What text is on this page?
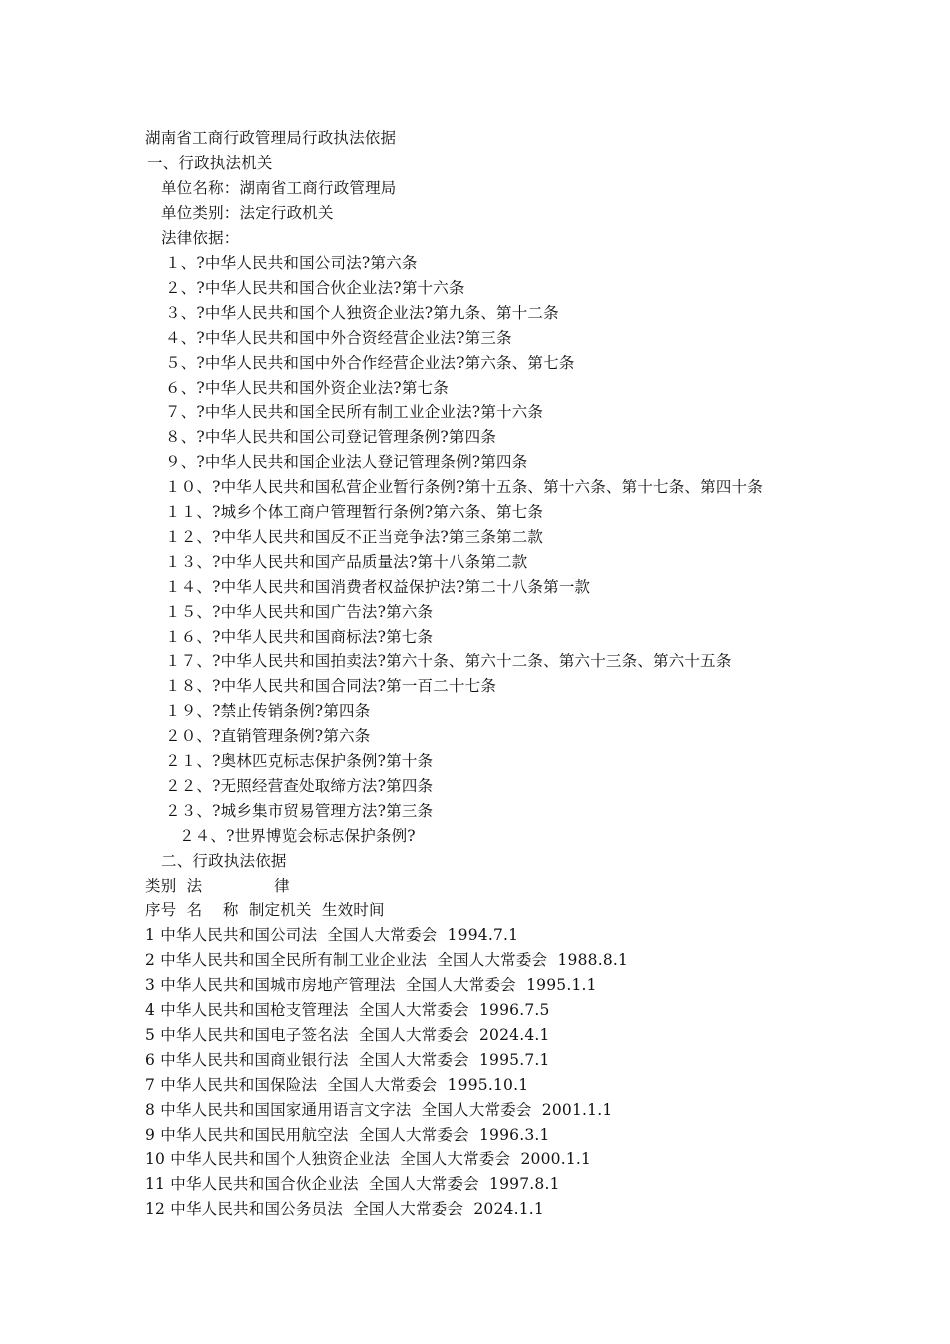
湖南省工商行政管理局行政执法依据
一、行政执法机关
单位名称：湖南省工商行政管理局
单位类别：法定行政机关
法律依据：
１、?中华人民共和国公司法?第六条
２、?中华人民共和国合伙企业法?第十六条
３、?中华人民共和国个人独资企业法?第九条、第十二条
４、?中华人民共和国中外合资经营企业法?第三条
５、?中华人民共和国中外合作经营企业法?第六条、第七条
６、?中华人民共和国外资企业法?第七条
７、?中华人民共和国全民所有制工业企业法?第十六条
８、?中华人民共和国公司登记管理条例?第四条
９、?中华人民共和国企业法人登记管理条例?第四条
１０、?中华人民共和国私营企业暂行条例?第十五条、第十六条、第十七条、第四十条
１１、?城乡个体工商户管理暂行条例?第六条、第七条
１２、?中华人民共和国反不正当竞争法?第三条第二款
１３、?中华人民共和国产品质量法?第十八条第二款
１４、?中华人民共和国消费者权益保护法?第二十八条第一款
１５、?中华人民共和国广告法?第六条
１６、?中华人民共和国商标法?第七条
１７、?中华人民共和国拍卖法?第六十条、第六十二条、第六十三条、第六十五条
１８、?中华人民共和国合同法?第一百二十七条
１９、?禁止传销条例?第四条
２０、?直销管理条例?第六条
２１、?奥林匹克标志保护条例?第十条
２２、?无照经营查处取缔方法?第四条
２３、?城乡集市贸易管理方法?第三条
２４、?世界博览会标志保护条例?
二、行政执法依据
类别  法              律
序号  名    称  制定机关  生效时间
1 中华人民共和国公司法  全国人大常委会  1994.7.1
2 中华人民共和国全民所有制工业企业法  全国人大常委会  1988.8.1
3 中华人民共和国城市房地产管理法  全国人大常委会  1995.1.1
4 中华人民共和国枪支管理法  全国人大常委会  1996.7.5
5 中华人民共和国电子签名法  全国人大常委会  2024.4.1
6 中华人民共和国商业银行法  全国人大常委会  1995.7.1
7 中华人民共和国保险法  全国人大常委会  1995.10.1
8 中华人民共和国国家通用语言文字法  全国人大常委会  2001.1.1
9 中华人民共和国民用航空法  全国人大常委会  1996.3.1
10 中华人民共和国个人独资企业法  全国人大常委会  2000.1.1
11 中华人民共和国合伙企业法  全国人大常委会  1997.8.1
12 中华人民共和国公务员法  全国人大常委会  2024.1.1
